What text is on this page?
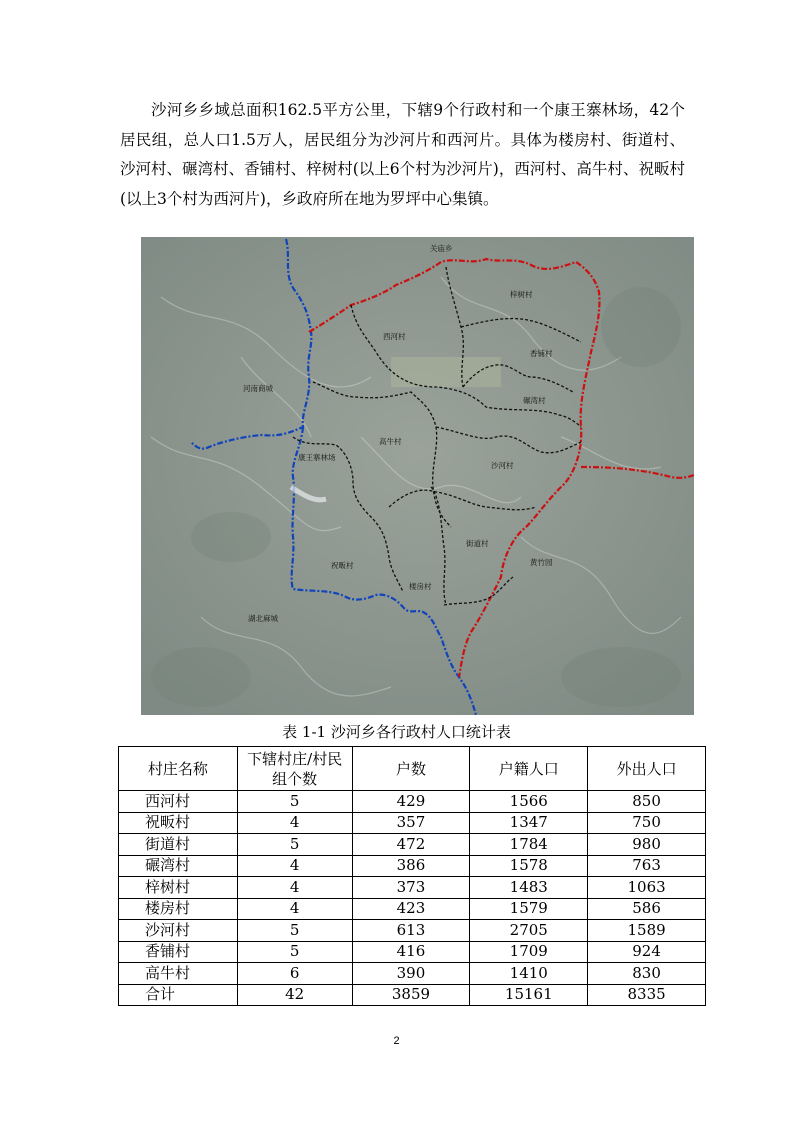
沙河乡乡域总面积162.5平方公里，下辖9个行政村和一个康王寨林场，42个居民组，总人口1.5万人，居民组分为沙河片和西河片。具体为楼房村、街道村、沙河村、碾湾村、香铺村、梓树村(以上6个村为沙河片)，西河村、高牛村、祝畈村(以上3个村为西河片)，乡政府所在地为罗坪中心集镇。

关庙乡
梓树村
西河村
香铺村
碾湾村
河南商城
高牛村
康王寨林场
沙河村
街道村
黄竹园
祝畈村
楼房村
湖北麻城
表 1-1 沙河乡各行政村人口统计表
村庄名称	下辖村庄/村民组个数	户数	户籍人口	外出人口
西河村	5	429	1566	850
祝畈村	4	357	1347	750
街道村	5	472	1784	980
碾湾村	4	386	1578	763
梓树村	4	373	1483	1063
楼房村	4	423	1579	586
沙河村	5	613	2705	1589
香铺村	5	416	1709	924
高牛村	6	390	1410	830
合计	42	3859	15161	8335
2
